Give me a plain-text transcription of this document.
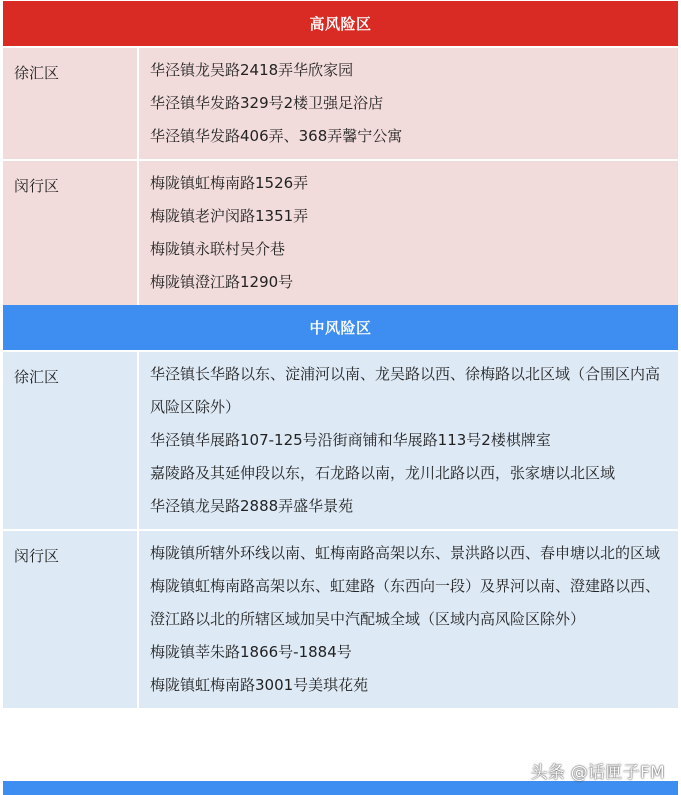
高风险区
徐汇区	华泾镇龙吴路2418弄华欣家园

华泾镇华发路329号2楼卫强足浴店

华泾镇华发路406弄、368弄馨宁公寓

闵行区	梅陇镇虹梅南路1526弄

梅陇镇老沪闵路1351弄

梅陇镇永联村吴介巷

梅陇镇澄江路1290号

中风险区
徐汇区	华泾镇长华路以东、淀浦河以南、龙吴路以西、徐梅路以北区域（合围区内高风险区除外）

华泾镇华展路107-125号沿街商铺和华展路113号2楼棋牌室

嘉陵路及其延伸段以东，石龙路以南，龙川北路以西，张家塘以北区域

华泾镇龙吴路2888弄盛华景苑

闵行区	梅陇镇所辖外环线以南、虹梅南路高架以东、景洪路以西、春申塘以北的区域

梅陇镇虹梅南路高架以东、虹建路（东西向一段）及界河以南、澄建路以西、澄江路以北的所辖区域加吴中汽配城全域（区域内高风险区除外）

梅陇镇莘朱路1866号-1884号

梅陇镇虹梅南路3001号美琪花苑

头条 @话匣子FM
